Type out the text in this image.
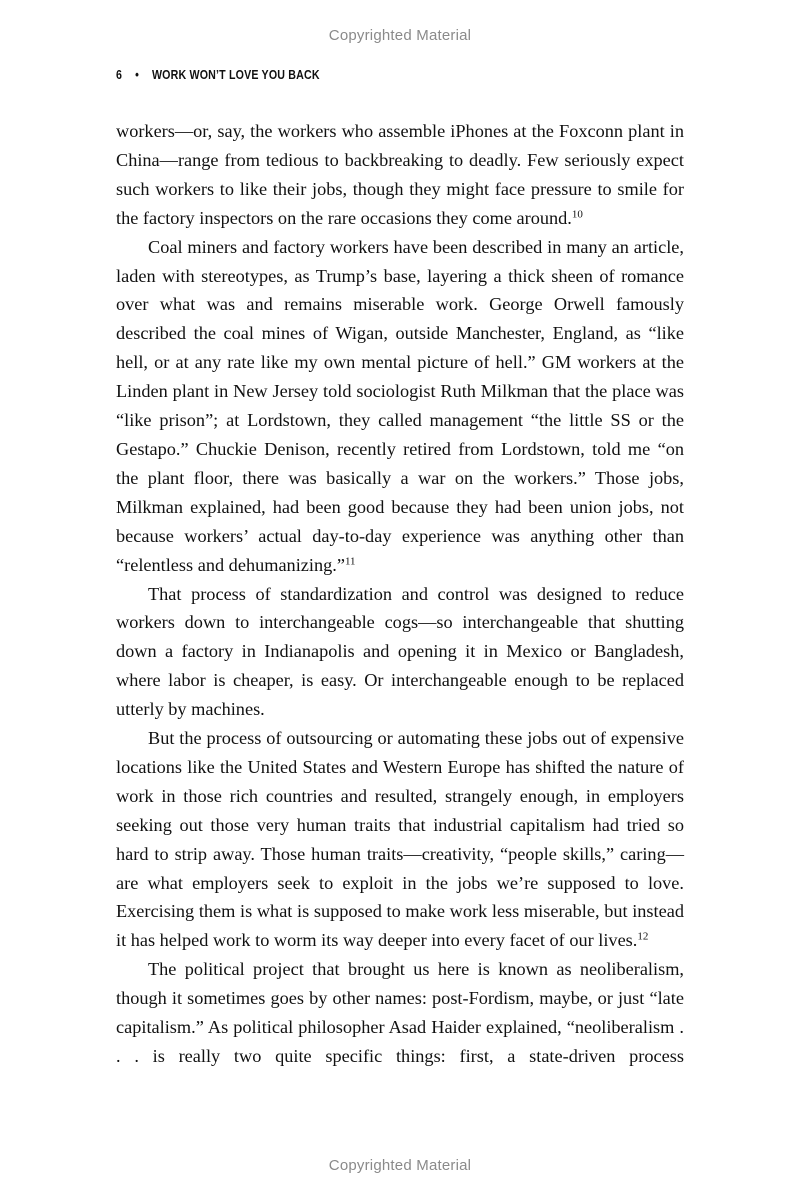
Copyrighted Material
6 • WORK WON’T LOVE YOU BACK

workers—or, say, the workers who assemble iPhones at the Foxconn plant in China—range from tedious to backbreaking to deadly. Few seriously expect such workers to like their jobs, though they might face pressure to smile for the factory inspectors on the rare occasions they come around.$^{10}$

Coal miners and factory workers have been described in many an article, laden with stereotypes, as Trump’s base, layering a thick sheen of romance over what was and remains miserable work. George Orwell famously described the coal mines of Wigan, outside Manchester, England, as “like hell, or at any rate like my own mental picture of hell.” GM workers at the Linden plant in New Jersey told sociologist Ruth Milkman that the place was “like prison”; at Lordstown, they called management “the little SS or the Gestapo.” Chuckie Denison, recently retired from Lordstown, told me “on the plant floor, there was basically a war on the workers.” Those jobs, Milkman explained, had been good because they had been union jobs, not because workers’ actual day-to-day experience was anything other than “relentless and dehumanizing.”$^{11}$

That process of standardization and control was designed to reduce workers down to interchangeable cogs—so interchangeable that shutting down a factory in Indianapolis and opening it in Mexico or Bangladesh, where labor is cheaper, is easy. Or interchangeable enough to be replaced utterly by machines.

But the process of outsourcing or automating these jobs out of expensive locations like the United States and Western Europe has shifted the nature of work in those rich countries and resulted, strangely enough, in employers seeking out those very human traits that industrial capitalism had tried so hard to strip away. Those human traits—creativity, “people skills,” caring—are what employers seek to exploit in the jobs we’re supposed to love. Exercising them is what is supposed to make work less miserable, but instead it has helped work to worm its way deeper into every facet of our lives.$^{12}$

The political project that brought us here is known as neoliberalism, though it sometimes goes by other names: post-Fordism, maybe, or just “late capitalism.” As political philosopher Asad Haider explained, “neoliberalism . . . is really two quite specific things: first, a state-driven process

Copyrighted Material
